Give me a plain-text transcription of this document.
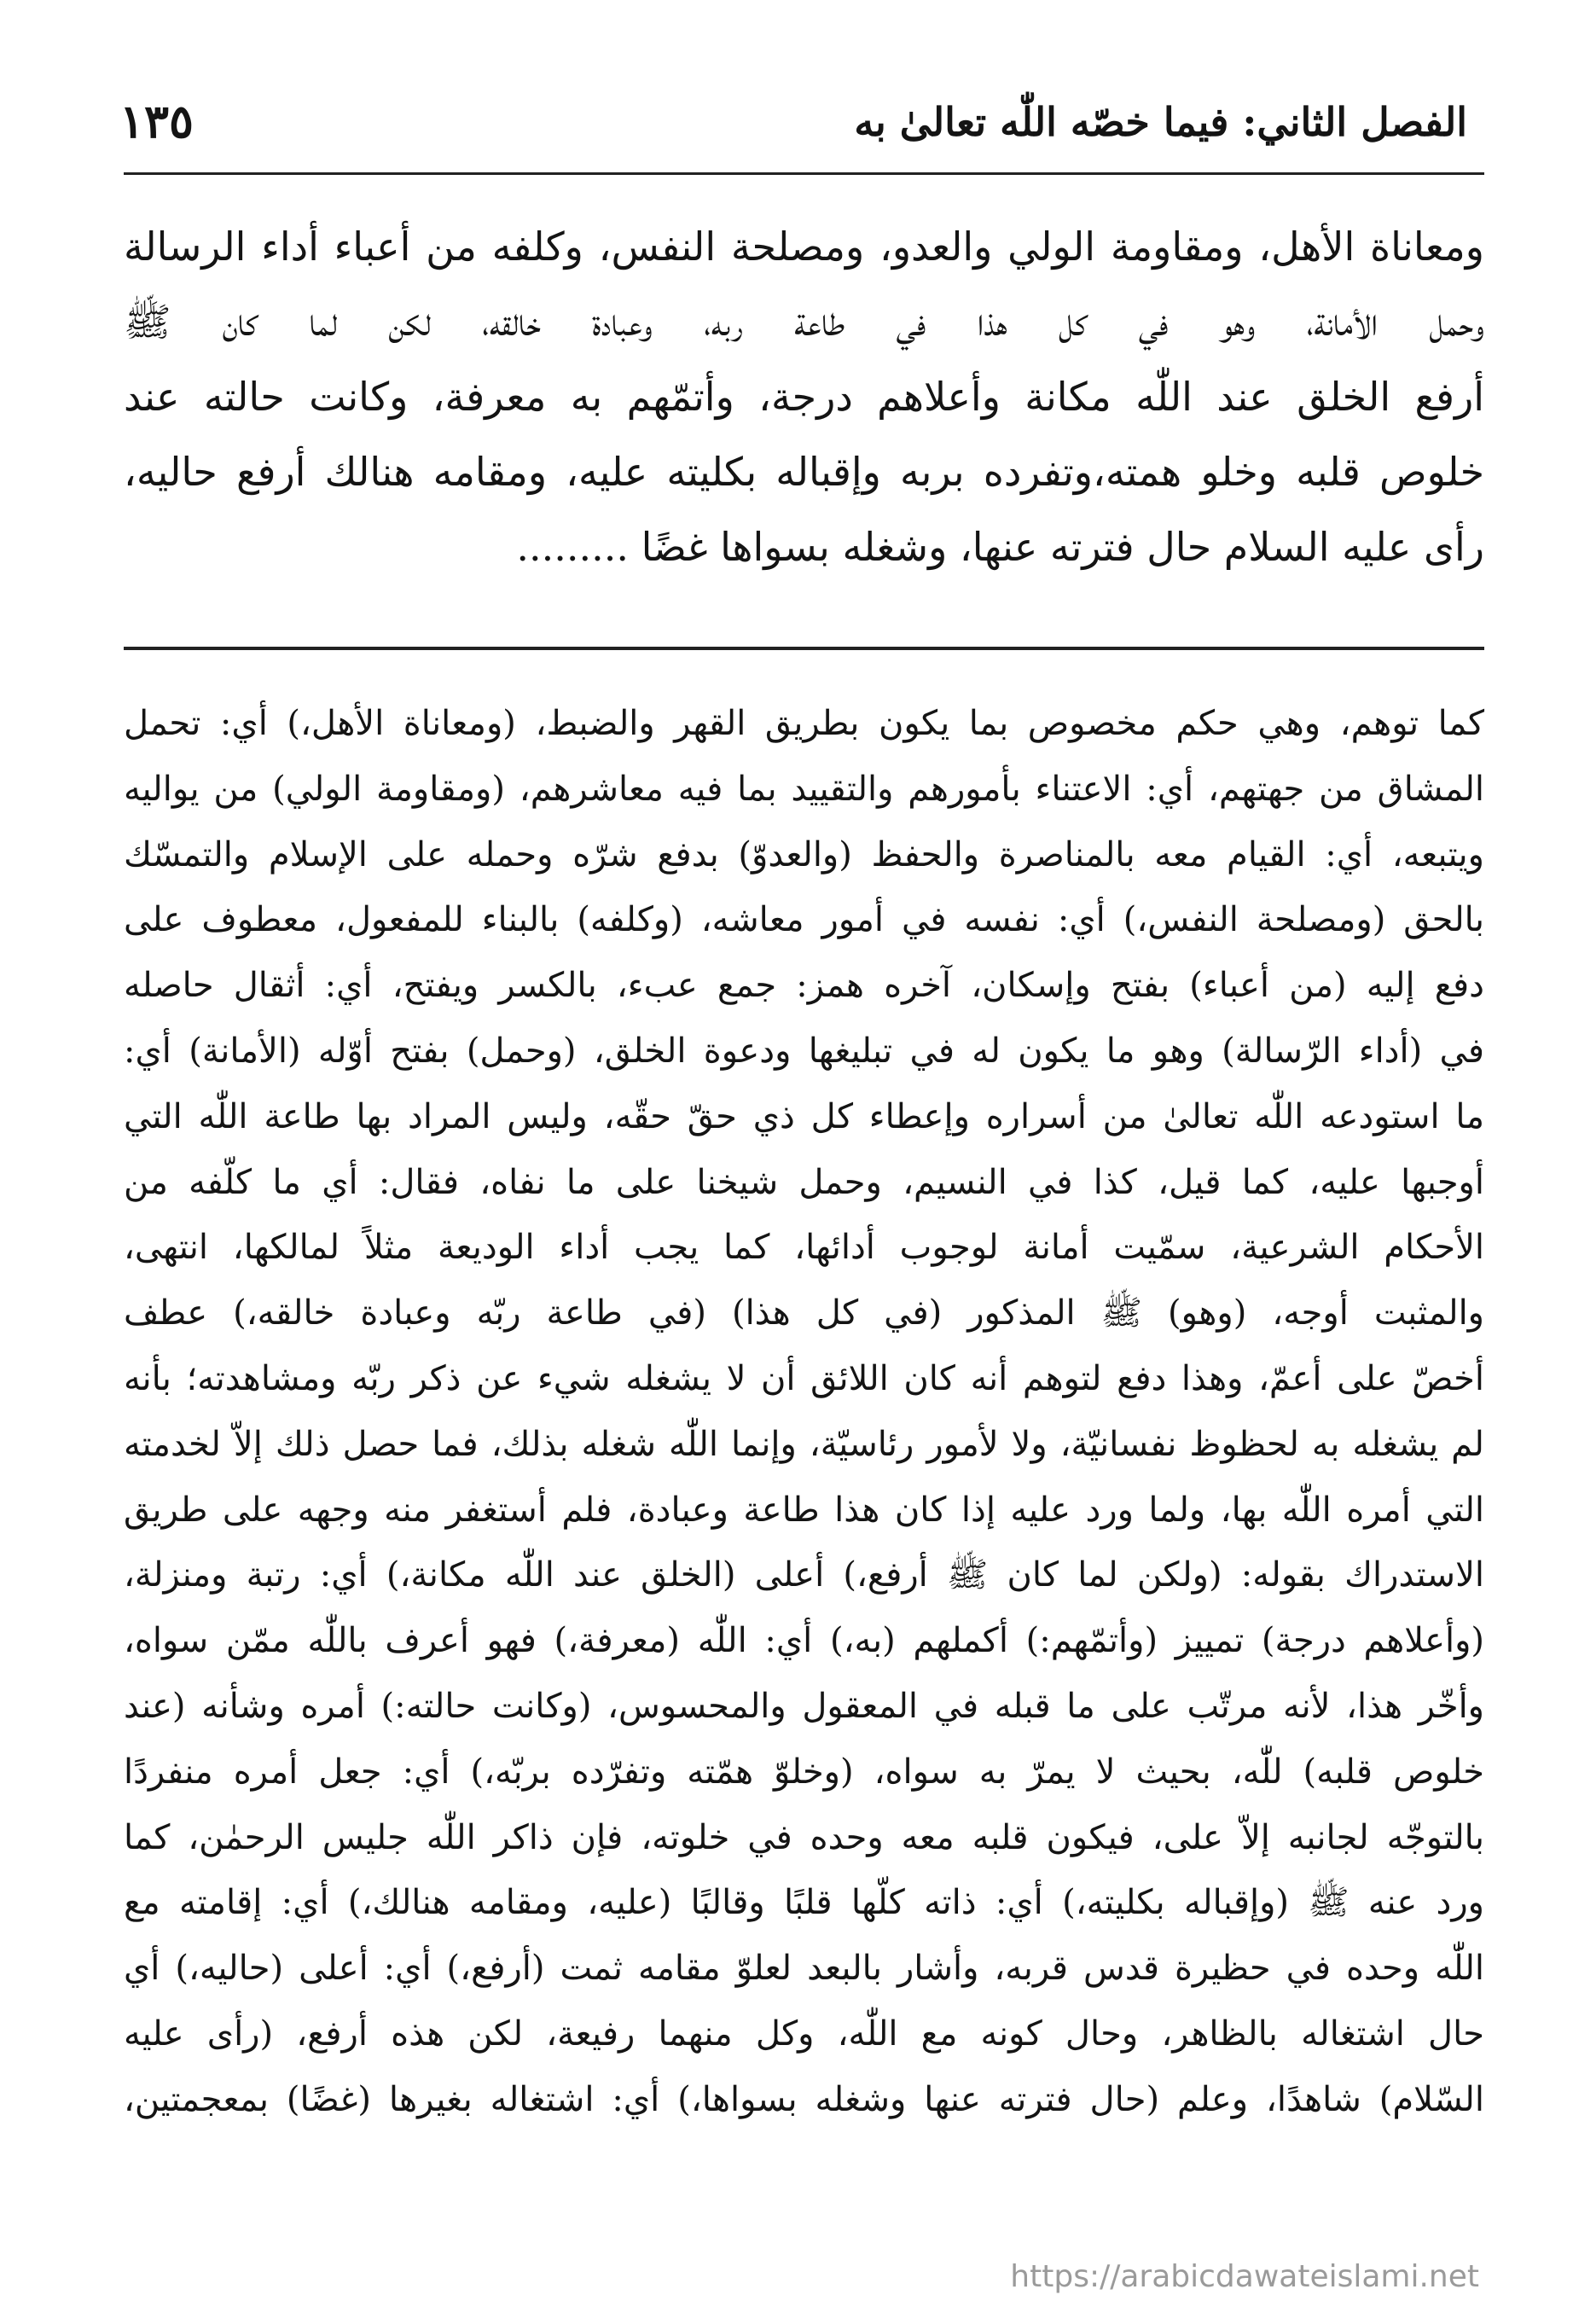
الفصل الثاني: فيما خصّه اللّٰه تعالىٰ به
١٣٥
ومعاناة الأهل، ومقاومة الولي والعدو، ومصلحة النفس، وكلفه من أعباء أداء الرسالة
وحمل الأمانة، وهو في كل هذا في طاعة ربه، وعبادة خالقه، لكن لما كان ﷺ
أرفع الخلق عند اللّٰه مكانة وأعلاهم درجة، وأتمّهم به معرفة، وكانت حالته عند
خلوص قلبه وخلو همته،وتفرده بربه وإقباله بكليته عليه، ومقامه هنالك أرفع حاليه،
رأى عليه السلام حال فترته عنها، وشغله بسواها غضًا .........
كما توهم، وهي حكم مخصوص بما يكون بطريق القهر والضبط، (ومعاناة الأهل،) أي: تحمل
المشاق من جهتهم، أي: الاعتناء بأمورهم والتقييد بما فيه معاشرهم، (ومقاومة الولي) من يواليه
ويتبعه، أي: القيام معه بالمناصرة والحفظ (والعدوّ) بدفع شرّه وحمله على الإسلام والتمسّك
بالحق (ومصلحة النفس،) أي: نفسه في أمور معاشه، (وكلفه) بالبناء للمفعول، معطوف على
دفع إليه (من أعباء) بفتح وإسكان، آخره همز: جمع عبء، بالكسر ويفتح، أي: أثقال حاصله
في (أداء الرّسالة) وهو ما يكون له في تبليغها ودعوة الخلق، (وحمل) بفتح أوّله (الأمانة) أي:
ما استودعه اللّٰه تعالىٰ من أسراره وإعطاء كل ذي حقّ حقّه، وليس المراد بها طاعة اللّٰه التي
أوجبها عليه، كما قيل، كذا في النسيم، وحمل شيخنا على ما نفاه، فقال: أي ما كلّفه من
الأحكام الشرعية، سمّيت أمانة لوجوب أدائها، كما يجب أداء الوديعة مثلاً لمالكها، انتهى،
والمثبت أوجه، (وهو) ﷺ المذكور (في كل هذا) (في طاعة ربّه وعبادة خالقه،) عطف
أخصّ على أعمّ، وهذا دفع لتوهم أنه كان اللائق أن لا يشغله شيء عن ذكر ربّه ومشاهدته؛ بأنه
لم يشغله به لحظوظ نفسانيّة، ولا لأمور رئاسيّة، وإنما اللّٰه شغله بذلك، فما حصل ذلك إلاّ لخدمته
التي أمره اللّٰه بها، ولما ورد عليه إذا كان هذا طاعة وعبادة، فلم أستغفر منه وجهه على طريق
الاستدراك بقوله: (ولكن لما كان ﷺ أرفع،) أعلى (الخلق عند اللّٰه مكانة،) أي: رتبة ومنزلة،
(وأعلاهم درجة) تمييز (وأتمّهم:) أكملهم (به،) أي: اللّٰه (معرفة،) فهو أعرف باللّٰه ممّن سواه،
وأخّر هذا، لأنه مرتّب على ما قبله في المعقول والمحسوس، (وكانت حالته:) أمره وشأنه (عند
خلوص قلبه) للّٰه، بحيث لا يمرّ به سواه، (وخلوّ همّته وتفرّده بربّه،) أي: جعل أمره منفردًا
بالتوجّه لجانبه إلاّ على، فيكون قلبه معه وحده في خلوته، فإن ذاكر اللّٰه جليس الرحمٰن، كما
ورد عنه ﷺ (وإقباله بكليته،) أي: ذاته كلّها قلبًا وقالبًا (عليه، ومقامه هنالك،) أي: إقامته مع
اللّٰه وحده في حظيرة قدس قربه، وأشار بالبعد لعلوّ مقامه ثمت (أرفع،) أي: أعلى (حاليه،) أي
حال اشتغاله بالظاهر، وحال كونه مع اللّٰه، وكل منهما رفيعة، لكن هذه أرفع، (رأى عليه
السّلام) شاهدًا، وعلم (حال فترته عنها وشغله بسواها،) أي: اشتغاله بغيرها (غضًا) بمعجمتين،
https://arabicdawateislami.net
